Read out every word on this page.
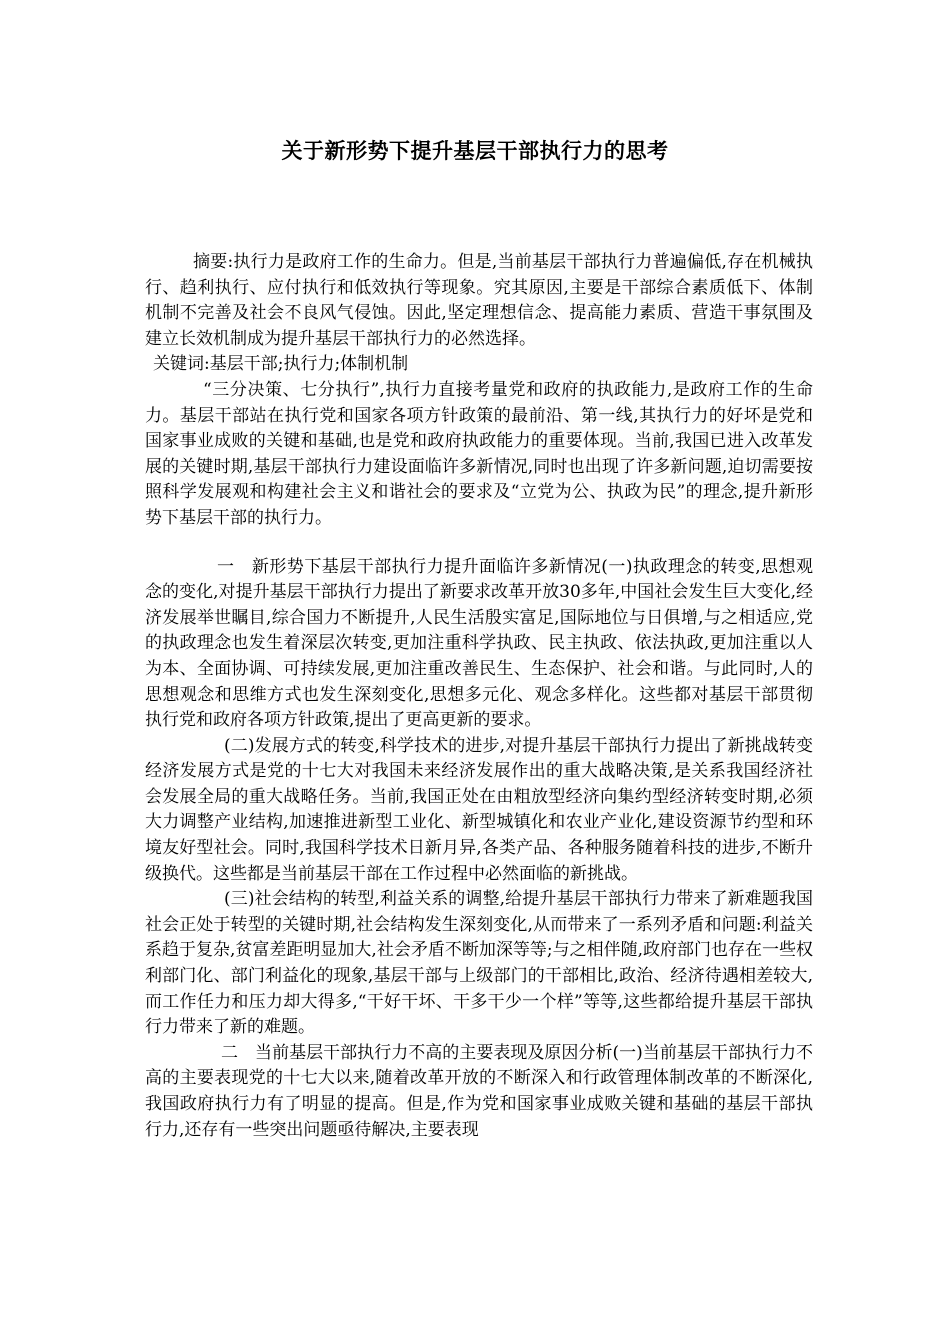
关于新形势下提升基层干部执行力的思考

摘要:执行力是政府工作的生命力。但是,当前基层干部执行力普遍偏低,存在机械执行、趋利执行、应付执行和低效执行等现象。究其原因,主要是干部综合素质低下、体制机制不完善及社会不良风气侵蚀。因此,坚定理想信念、提高能力素质、营造干事氛围及建立长效机制成为提升基层干部执行力的必然选择。

关键词:基层干部;执行力;体制机制

“三分决策、七分执行”,执行力直接考量党和政府的执政能力,是政府工作的生命力。基层干部站在执行党和国家各项方针政策的最前沿、第一线,其执行力的好坏是党和国家事业成败的关键和基础,也是党和政府执政能力的重要体现。当前,我国已进入改革发展的关键时期,基层干部执行力建设面临许多新情况,同时也出现了许多新问题,迫切需要按照科学发展观和构建社会主义和谐社会的要求及“立党为公、执政为民”的理念,提升新形势下基层干部的执行力。

一　新形势下基层干部执行力提升面临许多新情况(一)执政理念的转变,思想观念的变化,对提升基层干部执行力提出了新要求改革开放30多年,中国社会发生巨大变化,经济发展举世瞩目,综合国力不断提升,人民生活殷实富足,国际地位与日俱增,与之相适应,党的执政理念也发生着深层次转变,更加注重科学执政、民主执政、依法执政,更加注重以人为本、全面协调、可持续发展,更加注重改善民生、生态保护、社会和谐。与此同时,人的思想观念和思维方式也发生深刻变化,思想多元化、观念多样化。这些都对基层干部贯彻执行党和政府各项方针政策,提出了更高更新的要求。

(二)发展方式的转变,科学技术的进步,对提升基层干部执行力提出了新挑战转变经济发展方式是党的十七大对我国未来经济发展作出的重大战略决策,是关系我国经济社会发展全局的重大战略任务。当前,我国正处在由粗放型经济向集约型经济转变时期,必须大力调整产业结构,加速推进新型工业化、新型城镇化和农业产业化,建设资源节约型和环境友好型社会。同时,我国科学技术日新月异,各类产品、各种服务随着科技的进步,不断升级换代。这些都是当前基层干部在工作过程中必然面临的新挑战。

(三)社会结构的转型,利益关系的调整,给提升基层干部执行力带来了新难题我国社会正处于转型的关键时期,社会结构发生深刻变化,从而带来了一系列矛盾和问题:利益关系趋于复杂,贫富差距明显加大,社会矛盾不断加深等等;与之相伴随,政府部门也存在一些权利部门化、部门利益化的现象,基层干部与上级部门的干部相比,政治、经济待遇相差较大,而工作任力和压力却大得多,“干好干坏、干多干少一个样”等等,这些都给提升基层干部执行力带来了新的难题。

二　当前基层干部执行力不高的主要表现及原因分析(一)当前基层干部执行力不高的主要表现党的十七大以来,随着改革开放的不断深入和行政管理体制改革的不断深化,我国政府执行力有了明显的提高。但是,作为党和国家事业成败关键和基础的基层干部执行力,还存有一些突出问题亟待解决,主要表现
